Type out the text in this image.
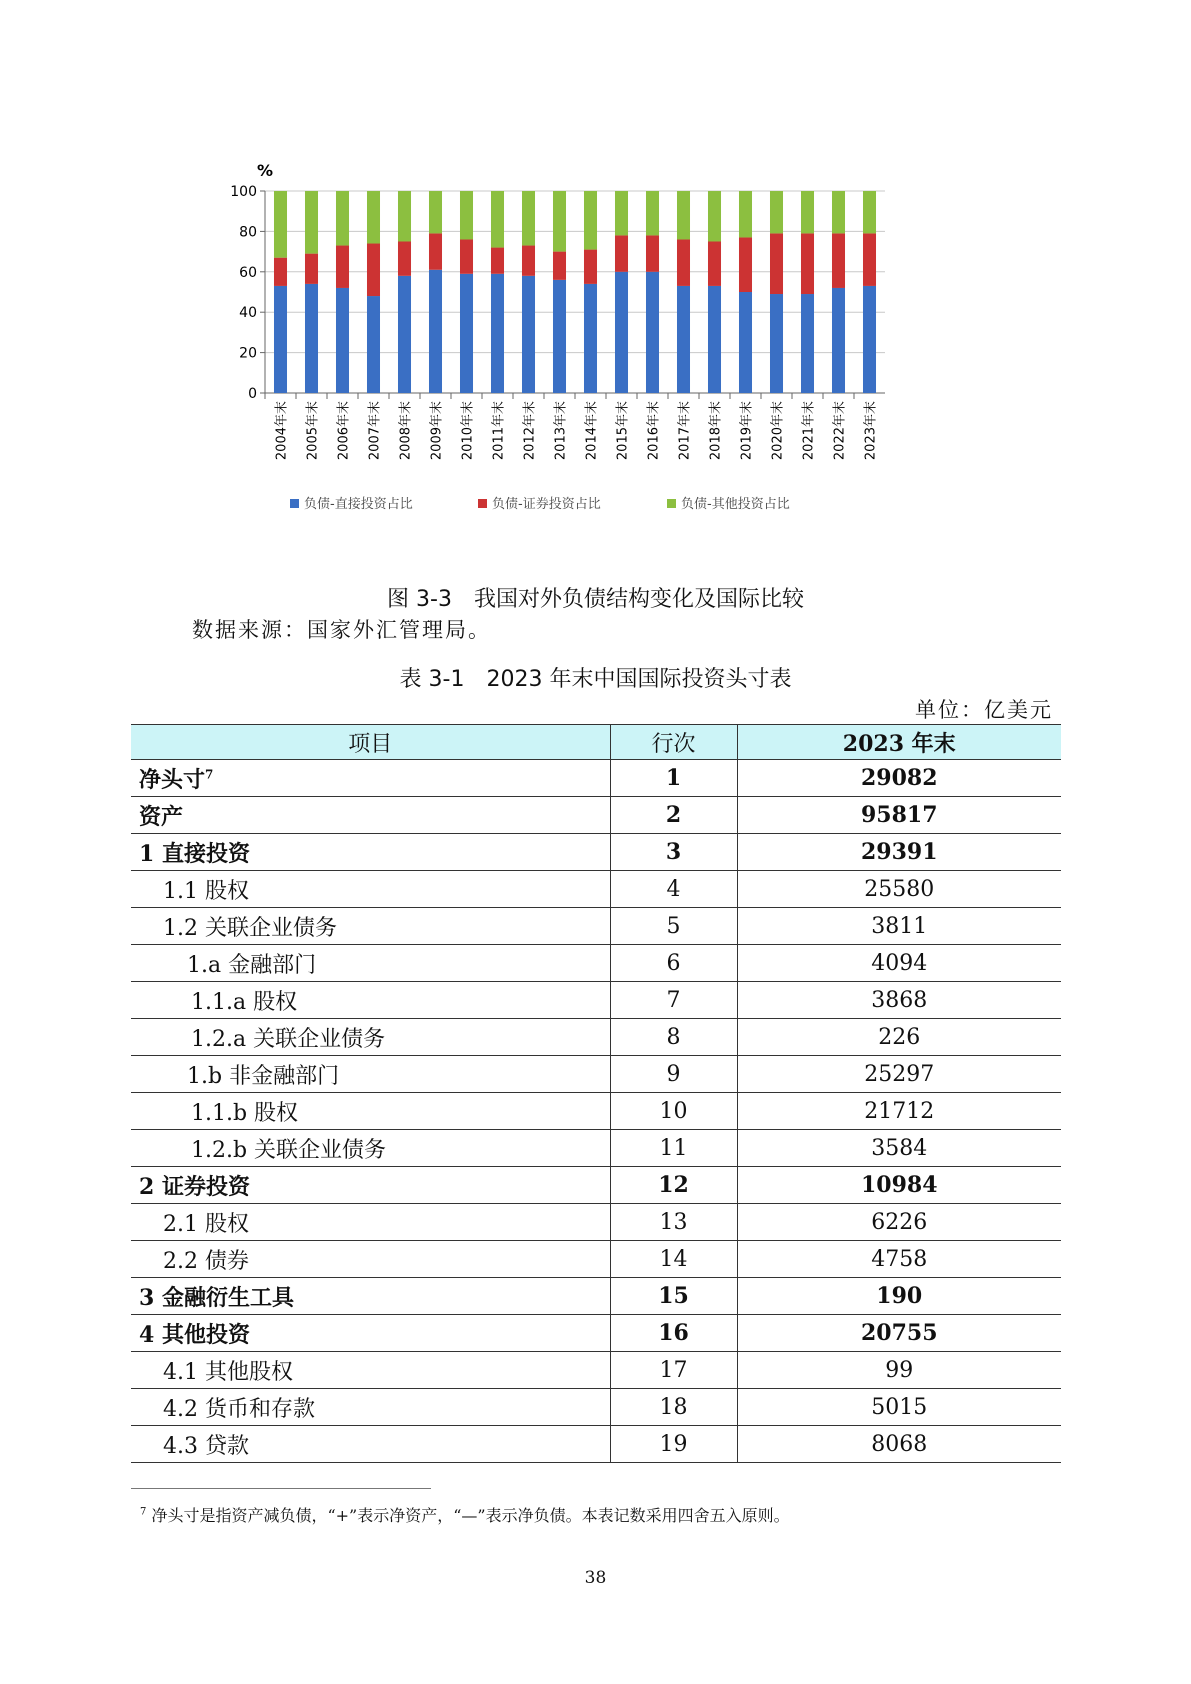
%
0
20
40
60
80
100
2004年末 2005年末 2006年末 2007年末 2008年末 2009年末 2010年末 2011年末 2012年末 2013年末 2014年末 2015年末 2016年末 2017年末 2018年末 2019年末 2020年末 2021年末 2022年末 2023年末
负债-直接投资占比	负债-证券投资占比	负债-其他投资占比
图 3-3　我国对外负债结构变化及国际比较
数据来源：国家外汇管理局。
表 3-1　2023 年末中国国际投资头寸表
单位：亿美元
项目	行次	2023 年末
净头寸$^7$	1	29082
资产	2	95817
1 直接投资	3	29391
1.1 股权	4	25580
1.2 关联企业债务	5	3811
1.a 金融部门	6	4094
1.1.a 股权	7	3868
1.2.a 关联企业债务	8	226
1.b 非金融部门	9	25297
1.1.b 股权	10	21712
1.2.b 关联企业债务	11	3584
2 证券投资	12	10984
2.1 股权	13	6226
2.2 债券	14	4758
3 金融衍生工具	15	190
4 其他投资	16	20755
4.1 其他股权	17	99
4.2 货币和存款	18	5015
4.3 贷款	19	8068
$^7$ 净头寸是指资产减负债，“+”表示净资产，“—”表示净负债。本表记数采用四舍五入原则。
38
